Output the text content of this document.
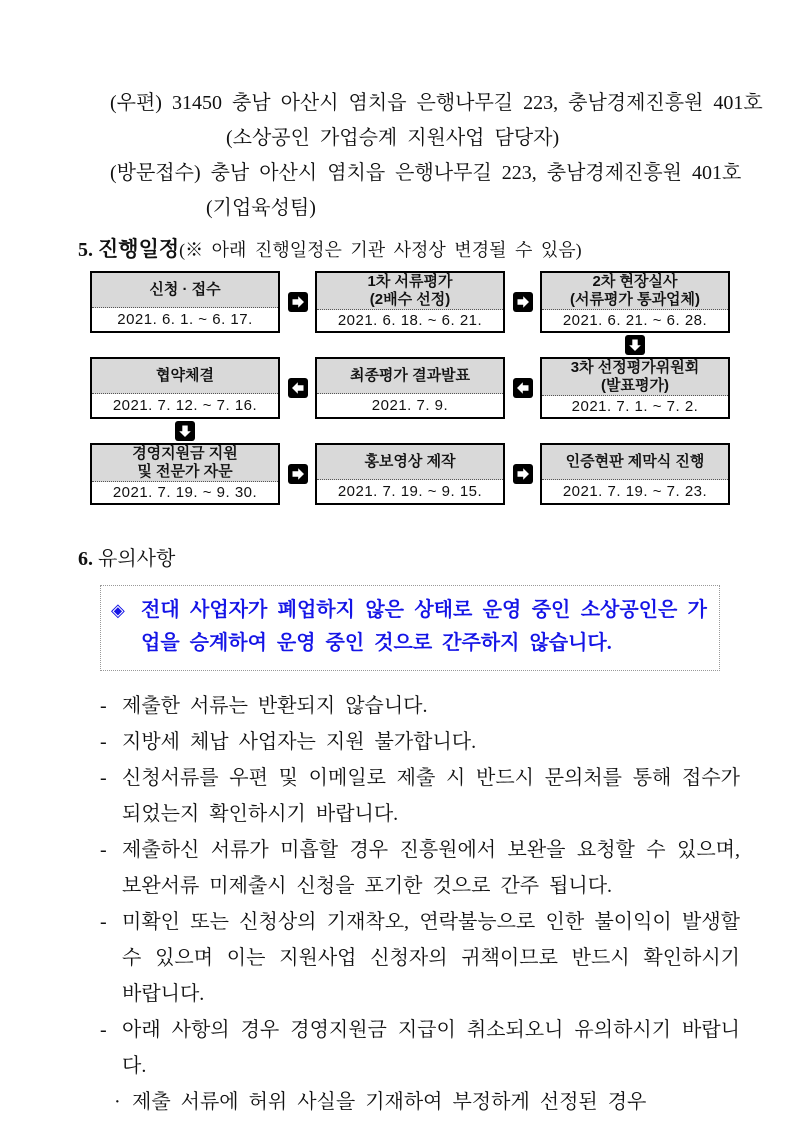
(우편) 31450 충남 아산시 염치읍 은행나무길 223, 충남경제진흥원 401호
(소상공인 가업승계 지원사업 담당자)
(방문접수) 충남 아산시 염치읍 은행나무길 223, 충남경제진흥원 401호
(기업육성팀)
5. 진행일정(※ 아래 진행일정은 기관 사정상 변경될 수 있음)
신청 · 접수
2021. 6. 1. ~ 6. 17.
1차 서류평가
(2배수 선정)
2021. 6. 18. ~ 6. 21.
2차 현장실사
(서류평가 통과업체)
2021. 6. 21. ~ 6. 28.
협약체결
2021. 7. 12. ~ 7. 16.
최종평가 결과발표
2021. 7. 9.
3차 선정평가위원회
(발표평가)
2021. 7. 1. ~ 7. 2.
경영지원금 지원
및 전문가 자문
2021. 7. 19. ~ 9. 30.
홍보영상 제작
2021. 7. 19. ~ 9. 15.
인증현판 제막식 진행
2021. 7. 19. ~ 7. 23.
6. 유의사항
◈ 전대 사업자가 폐업하지 않은 상태로 운영 중인 소상공인은 가업을 승계하여 운영 중인 것으로 간주하지 않습니다.
- 제출한 서류는 반환되지 않습니다.
- 지방세 체납 사업자는 지원 불가합니다.
- 신청서류를 우편 및 이메일로 제출 시 반드시 문의처를 통해 접수가 되었는지 확인하시기 바랍니다.
- 제출하신 서류가 미흡할 경우 진흥원에서 보완을 요청할 수 있으며, 보완서류 미제출시 신청을 포기한 것으로 간주 됩니다.
- 미확인 또는 신청상의 기재착오, 연락불능으로 인한 불이익이 발생할 수 있으며 이는 지원사업 신청자의 귀책이므로 반드시 확인하시기 바랍니다.
- 아래 사항의 경우 경영지원금 지급이 취소되오니 유의하시기 바랍니다.
· 제출 서류에 허위 사실을 기재하여 부정하게 선정된 경우
